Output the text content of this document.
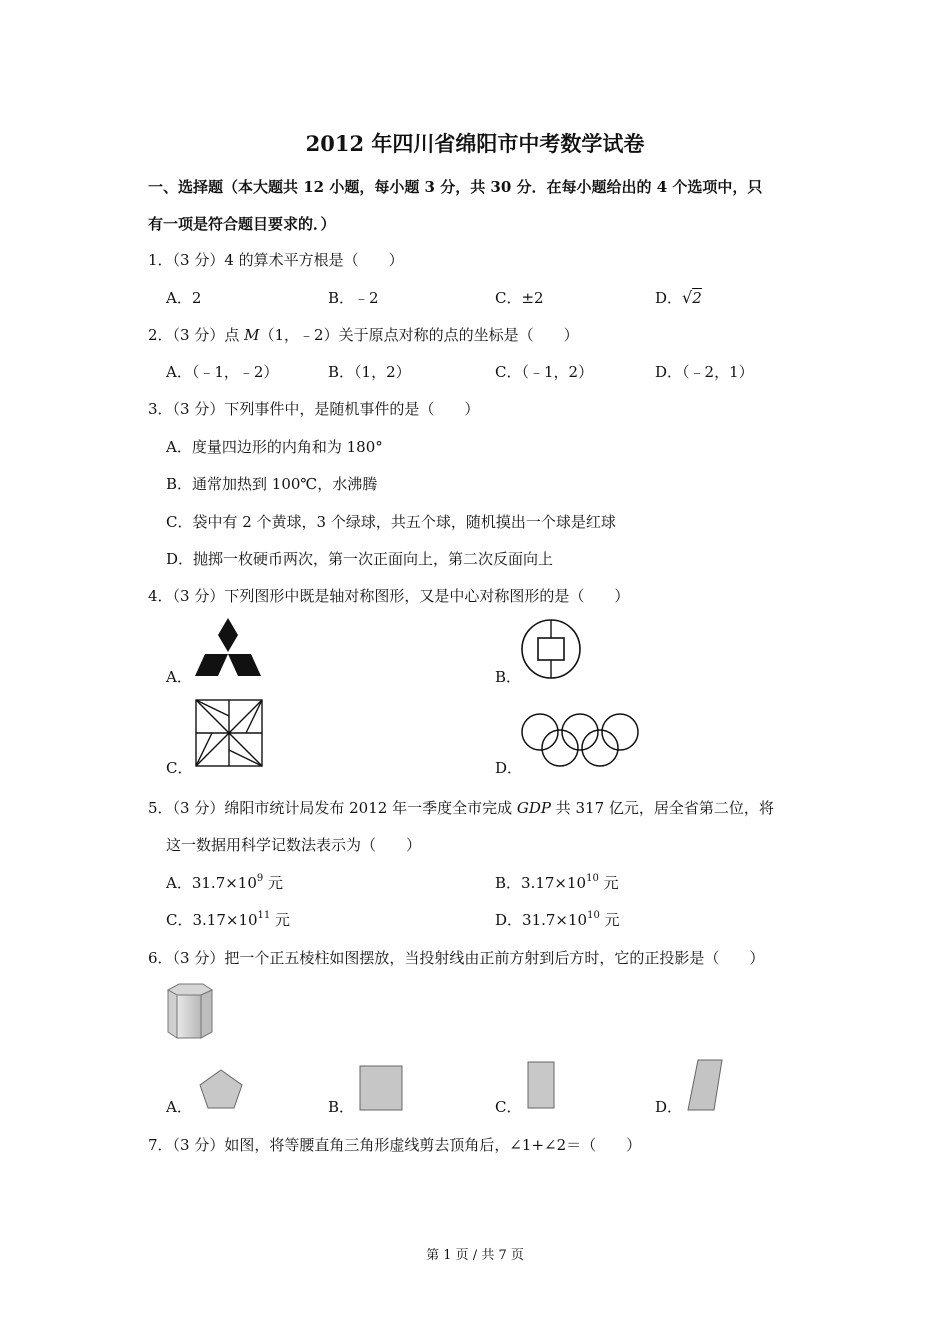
2012 年四川省绵阳市中考数学试卷
一、选择题（本大题共 12 小题，每小题 3 分，共 30 分．在每小题给出的 4 个选项中，只
有一项是符合题目要求的．）
1．（3 分）4 的算术平方根是（　　）
A．2	B．﹣2	C．±2	D．√2
2．（3 分）点 M（1，﹣2）关于原点对称的点的坐标是（　　）
A．（﹣1，﹣2）	B．（1，2）	C．（﹣1，2）	D．（﹣2，1）
3．（3 分）下列事件中，是随机事件的是（　　）
A．度量四边形的内角和为 180°
B．通常加热到 100℃，水沸腾
C．袋中有 2 个黄球，3 个绿球，共五个球，随机摸出一个球是红球
D．抛掷一枚硬币两次，第一次正面向上，第二次反面向上
4．（3 分）下列图形中既是轴对称图形，又是中心对称图形的是（　　）
A．	B．
C．	D．
5．（3 分）绵阳市统计局发布 2012 年一季度全市完成 GDP 共 317 亿元，居全省第二位，将
这一数据用科学记数法表示为（　　）
A．$31.7\times 10^9$ 元	B．$3.17\times 10^{10}$ 元
C．$3.17\times 10^{11}$ 元	D．$31.7\times 10^{10}$ 元
6．（3 分）把一个正五棱柱如图摆放，当投射线由正前方射到后方时，它的正投影是（　　）
A．	B．	C．	D．
7．（3 分）如图，将等腰直角三角形虚线剪去顶角后，∠1+∠2＝（　　）
第 1 页 / 共 7 页
